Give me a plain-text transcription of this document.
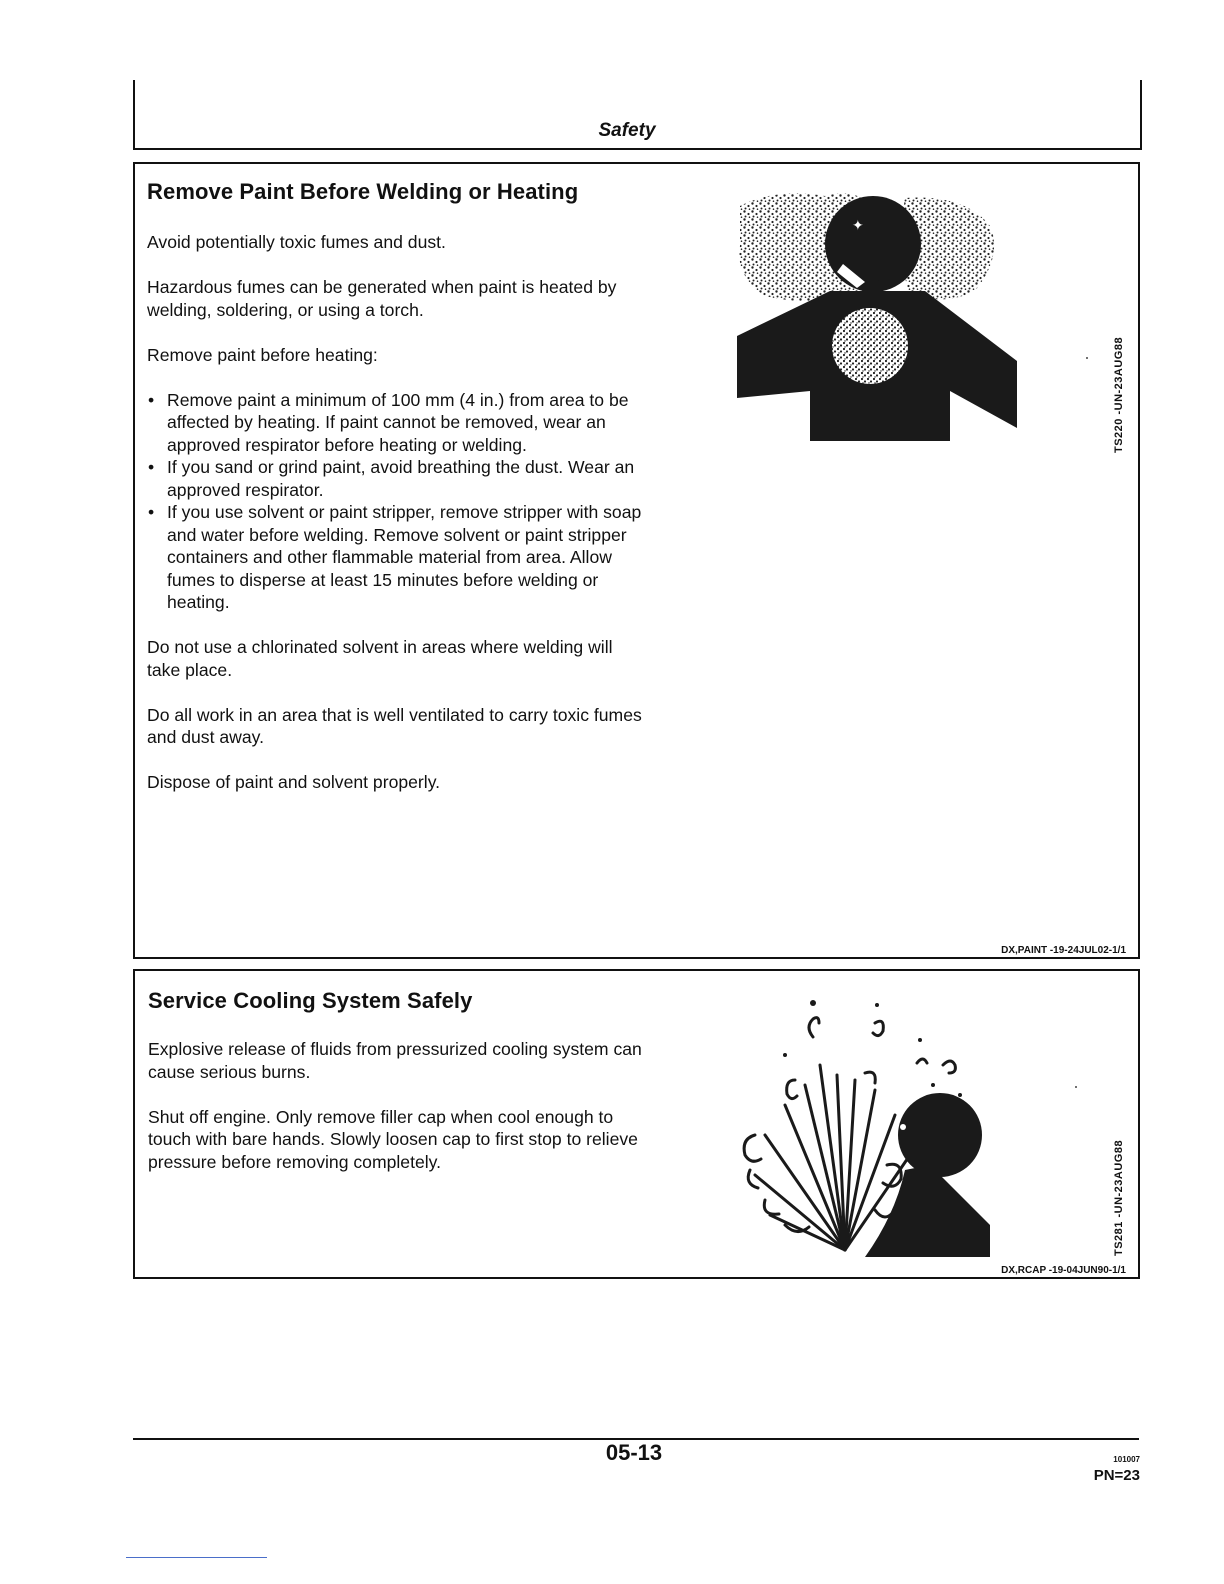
Safety
Remove Paint Before Welding or Heating

Avoid potentially toxic fumes and dust.

Hazardous fumes can be generated when paint is heated by welding, soldering, or using a torch.

Remove paint before heating:

• Remove paint a minimum of 100 mm (4 in.) from area to be affected by heating. If paint cannot be removed, wear an approved respirator before heating or welding.
• If you sand or grind paint, avoid breathing the dust. Wear an approved respirator.
• If you use solvent or paint stripper, remove stripper with soap and water before welding. Remove solvent or paint stripper containers and other flammable material from area. Allow fumes to disperse at least 15 minutes before welding or heating.

Do not use a chlorinated solvent in areas where welding will take place.

Do all work in an area that is well ventilated to carry toxic fumes and dust away.

Dispose of paint and solvent properly.

✦
TS220 -UN-23AUG88
DX,PAINT -19-24JUL02-1/1
Service Cooling System Safely

Explosive release of fluids from pressurized cooling system can cause serious burns.

Shut off engine. Only remove filler cap when cool enough to touch with bare hands. Slowly loosen cap to first stop to relieve pressure before removing completely.	TS281 -UN-23AUG88
DX,RCAP -19-04JUN90-1/1
05-13	101007
PN=23
